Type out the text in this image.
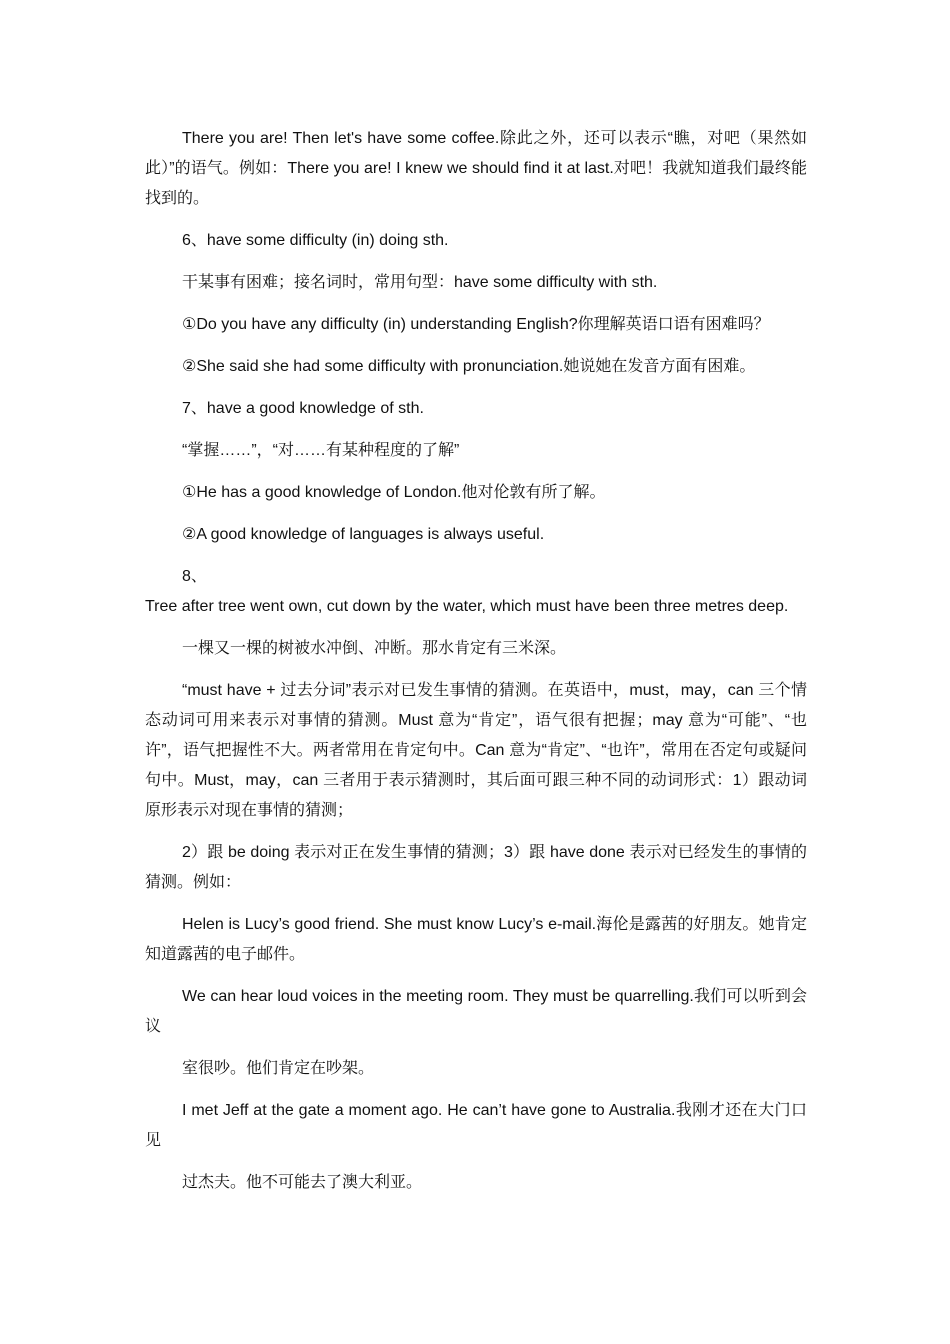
There you are! Then let's have some coffee.除此之外，还可以表示“瞧，对吧（果然如此）”的语气。例如：There you are! I knew we should find it at last.对吧！我就知道我们最终能找到的。

6、have some difficulty (in) doing sth.

干某事有困难；接名词时，常用句型：have some difficulty with sth.

①Do you have any difficulty (in) understanding English?你理解英语口语有困难吗？

②She said she had some difficulty with pronunciation.她说她在发音方面有困难。

7、have a good knowledge of sth.

“掌握……”，“对……有某种程度的了解”

①He has a good knowledge of London.他对伦敦有所了解。

②A good knowledge of languages is always useful.

8、

Tree after tree went own, cut down by the water, which must have been three metres deep.

一棵又一棵的树被水冲倒、冲断。那水肯定有三米深。

“must have + 过去分词”表示对已发生事情的猜测。在英语中，must，may，can 三个情态动词可用来表示对事情的猜测。Must 意为“肯定”，语气很有把握；may 意为“可能”、“也许”，语气把握性不大。两者常用在肯定句中。Can 意为“肯定”、“也许”，常用在否定句或疑问句中。Must，may，can 三者用于表示猜测时，其后面可跟三种不同的动词形式：1）跟动词原形表示对现在事情的猜测；

2）跟 be doing 表示对正在发生事情的猜测；3）跟 have done 表示对已经发生的事情的猜测。例如：

Helen is Lucy’s good friend. She must know Lucy’s e-mail.海伦是露茜的好朋友。她肯定知道露茜的电子邮件。

We can hear loud voices in the meeting room. They must be quarrelling.我们可以听到会议

室很吵。他们肯定在吵架。

I met Jeff at the gate a moment ago. He can’t have gone to Australia.我刚才还在大门口见

过杰夫。他不可能去了澳大利亚。
